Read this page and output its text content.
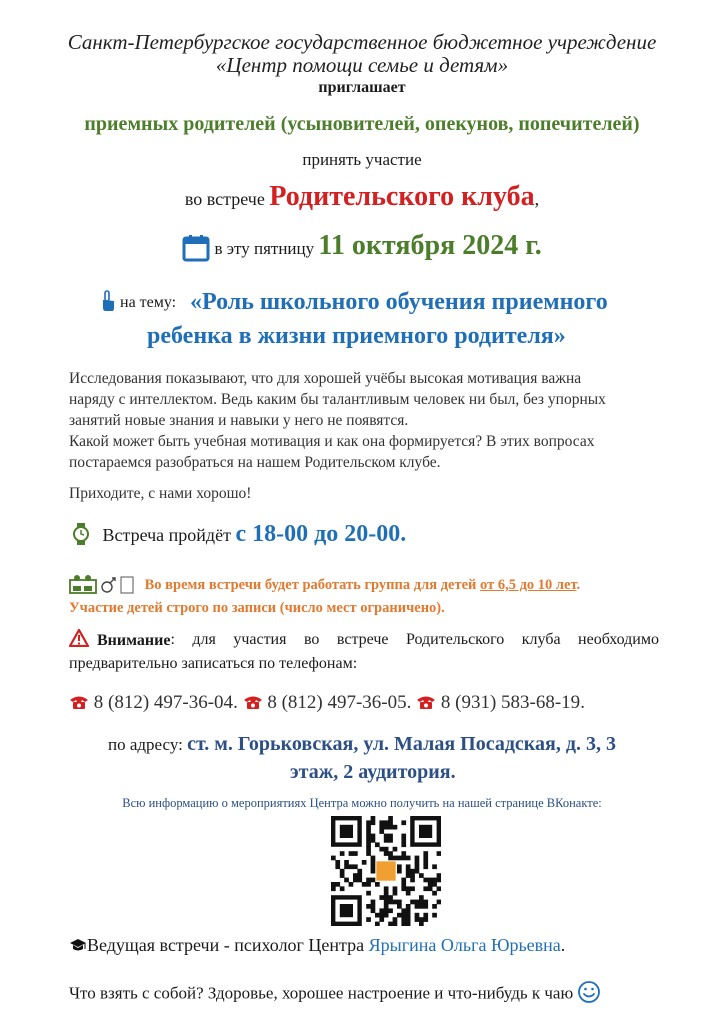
Санкт-Петербургское государственное бюджетное учреждение
«Центр помощи семье и детям»
приглашает
приемных родителей (усыновителей, опекунов, попечителей)
принять участие
во встрече Родительского клуба,
в эту пятницу 11 октября 2024 г.
на тему: «Роль школьного обучения приемного
ребенка в жизни приемного родителя»
Исследования показывают, что для хорошей учёбы высокая мотивация важна
наряду с интеллектом. Ведь каким бы талантливым человек ни был, без упорных
занятий новые знания и навыки у него не появятся.
Какой может быть учебная мотивация и как она формируется? В этих вопросах
постараемся разобраться на нашем Родительском клубе.
Приходите, с нами хорошо!
Встреча пройдёт с 18-00 до 20-00.
Во время встречи будет работать группа для детей от 6,5 до 10 лет.
Участие детей строго по записи (число мест ограничено).
Внимание : для участия во встрече Родительского клуба необходимо
предварительно записаться по телефонам:
8 (812) 497-36-04. 8 (812) 497-36-05. 8 (931) 583-68-19.
по адресу: ст. м. Горьковская, ул. Малая Посадская, д. 3, 3
этаж, 2 аудитория.
Всю информацию о мероприятиях Центра можно получить на нашей странице ВКонакте:
Ведущая встречи - психолог Центра Ярыгина Ольга Юрьевна.
Что взять с собой? Здоровье, хорошее настроение и что-нибудь к чаю
